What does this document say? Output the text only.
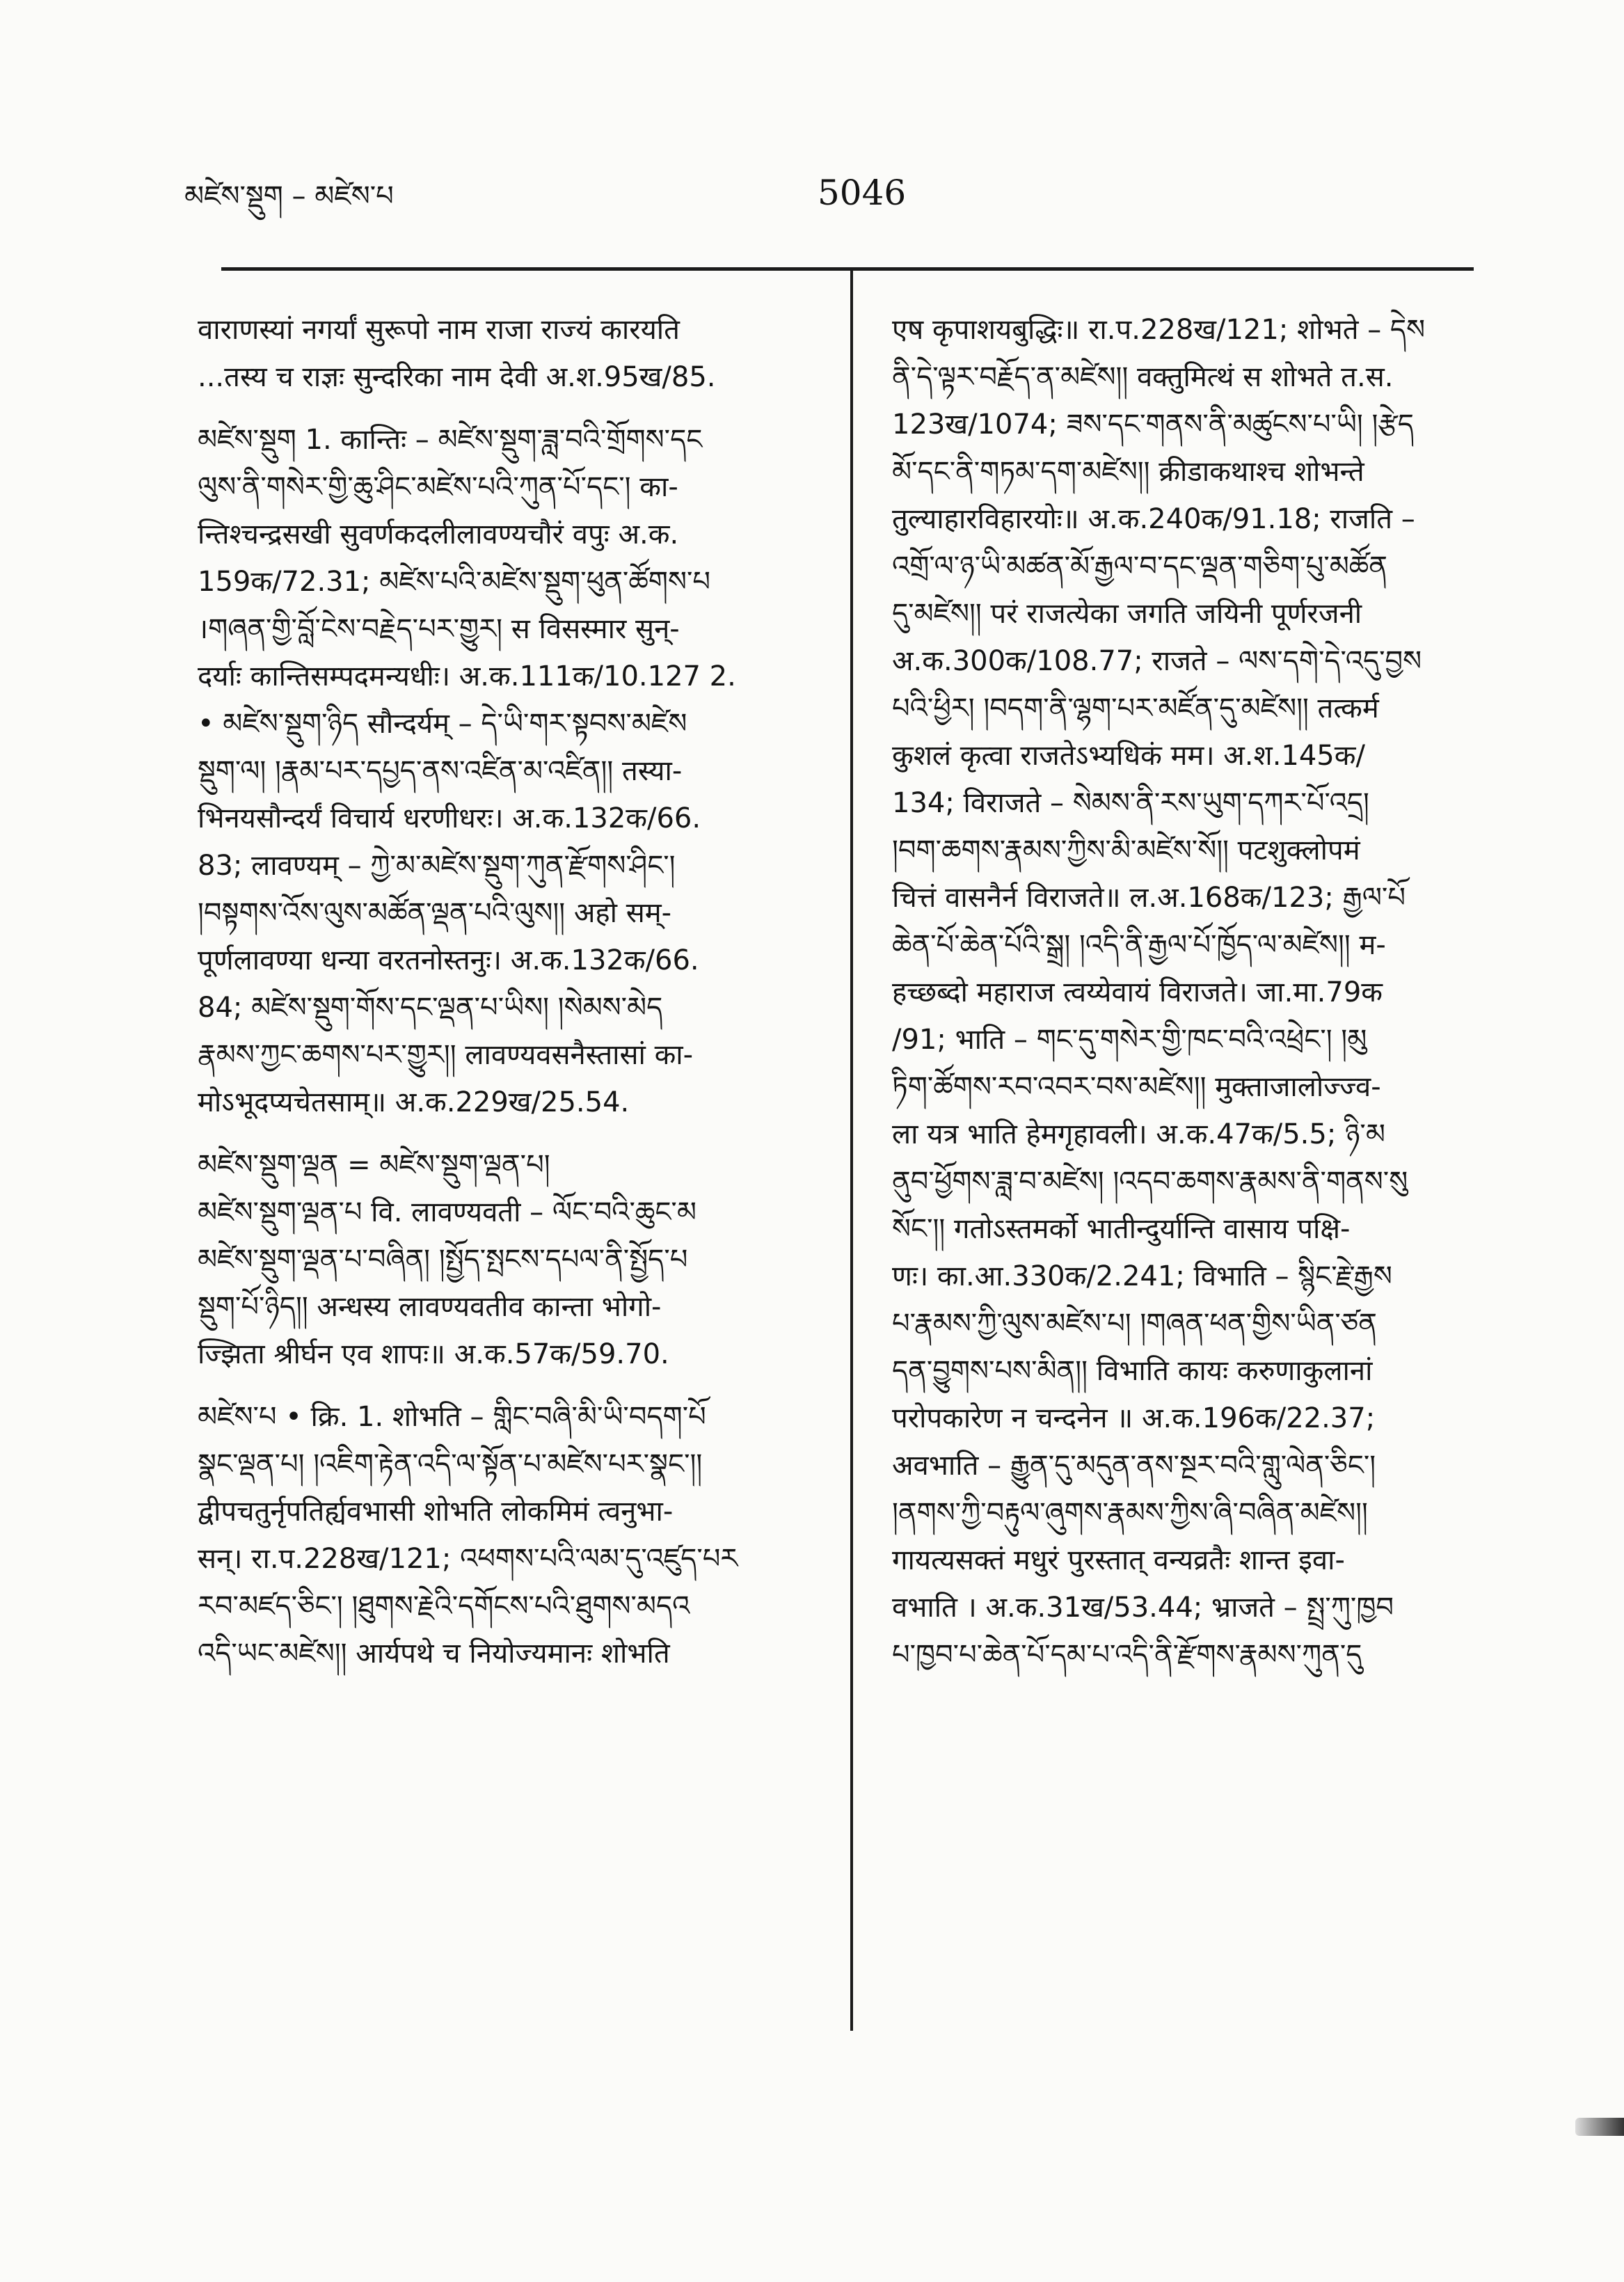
མཛེས་སྡུག – མཛེས་པ	5046
वाराणस्यां नगर्यां सुरूपो नाम राजा राज्यं कारयति
...तस्य च राज्ञः सुन्दरिका नाम देवी अ.श.95ख/85.
མཛེས་སྡུག 1. कान्तिः – མཛེས་སྡུག་ཟླ་བའི་གྲོགས་དང
ལུས་ནི་གསེར་གྱི་ཆུ་ཤིང་མཛེས་པའི་ཀུན་པོ་དང་། का-
न्तिश्चन्द्रसखी सुवर्णकदलीलावण्यचौरं वपुः अ.क.
159क/72.31; མཛེས་པའི་མཛེས་སྡུག་ཕུན་ཚོགས་པ
।གཞན་གྱི་བློ་ངེས་བརྗེད་པར་གྱུར། स विसस्मार सुन्-
दर्याः कान्तिसम्पदमन्यधीः। अ.क.111क/10.127 2.
• མཛེས་སྡུག་ཉིད सौन्दर्यम् – དེ་ཡི་གར་སྟབས་མཛེས
སྡུག་ལ། །རྣམ་པར་དཔྱད་ནས་འཛིན་མ་འཛིན།། तस्या-
भिनयसौन्दर्यं विचार्य धरणीधरः। अ.क.132क/66.
83; लावण्यम् – ཀྱེ་མ་མཛེས་སྡུག་ཀུན་རྫོགས་ཤིང་།
།བསྟགས་འོས་ལུས་མཚོན་ལྡན་པའི་ལུས།། अहो सम्-
पूर्णलावण्या धन्या वरतनोस्तनुः। अ.क.132क/66.
84; མཛེས་སྡུག་གོས་དང་ལྡན་པ་ཡིས། །སེམས་མེད
རྣམས་ཀྱང་ཆགས་པར་གྱུར།། लावण्यवसनैस्तासां का-
मोऽभूदप्यचेतसाम्॥ अ.क.229ख/25.54.
མཛེས་སྡུག་ལྡན = མཛེས་སྡུག་ལྡན་པ།
མཛེས་སྡུག་ལྡན་པ वि. लावण्यवती – ལོང་བའི་ཆུང་མ
མཛེས་སྡུག་ལྡན་པ་བཞིན། །སྤྱོད་སྤངས་དཔལ་ནི་སྤྱོད་པ
སྡུག་པོ་ཉིད།། अन्धस्य लावण्यवतीव कान्ता भोगो-
ज्झिता श्रीर्घन एव शापः॥ अ.क.57क/59.70.
མཛེས་པ • क्रि. 1. शोभति – གླིང་བཞི་མི་ཡི་བདག་པོ
སྣང་ལྡན་པ། །འཇིག་རྟེན་འདི་ལ་སྟོན་པ་མཛེས་པར་སྣང་།།
द्वीपचतुर्नृपतिर्ह्यवभासी शोभति लोकमिमं त्वनुभा-
सन्। रा.प.228ख/121; འཕགས་པའི་ལམ་དུ་འཛུད་པར
རབ་མཛད་ཅིང་། །ཐུགས་རྗེའི་དགོངས་པའི་ཐུགས་མདའ
འདི་ཡང་མཛེས།། आर्यपथे च नियोज्यमानः शोभति
एष कृपाशयबुद्धिः॥ रा.प.228ख/121; शोभते – དེས
ནི་དེ་ལྟར་བརྗོད་ན་མཛེས།། वक्तुमित्थं स शोभते त.स.
123ख/1074; ཟས་དང་གནས་ནི་མཚུངས་པ་ཡི། །རྩེད
མོ་དང་ནི་གཏམ་དག་མཛེས།། क्रीडाकथाश्च शोभन्ते
तुल्याहारविहारयोः॥ अ.क.240क/91.18; राजति –
འགྲོ་ལ་ཉ་ཡི་མཚན་མོ་རྒྱལ་བ་དང་ལྡན་གཅིག་པུ་མཚོན
དུ་མཛེས།། परं राजत्येका जगति जयिनी पूर्णरजनी
अ.क.300क/108.77; राजते – ལས་དགེ་དེ་འདུ་བྱས
པའི་ཕྱིར། །བདག་ནི་ལྷག་པར་མཛོན་དུ་མཛེས།། तत्कर्म
कुशलं कृत्वा राजतेऽभ्यधिकं मम। अ.श.145क/
134; विराजते – སེམས་ནི་རས་ཡུག་དཀར་པོ་འདྲ།
།བག་ཆགས་རྣམས་ཀྱིས་མི་མཛེས་སོ།། पटशुक्लोपमं
चित्तं वासनैर्न विराजते॥ ल.अ.168क/123; རྒྱལ་པོ
ཆེན་པོ་ཆེན་པོའི་སྒྲ། །འདི་ནི་རྒྱལ་པོ་ཁྱོད་ལ་མཛེས།། म-
हच्छब्दो महाराज त्वय्येवायं विराजते। जा.मा.79क
/91; भाति – གང་དུ་གསེར་གྱི་ཁང་བའི་འཕྲེང་། །མུ
ཏིག་ཚོགས་རབ་འབར་བས་མཛེས།། मुक्ताजालोज्ज्व-
ला यत्र भाति हेमगृहावली। अ.क.47क/5.5; ཉི་མ
ནུབ་ཕྱོགས་ཟླ་བ་མཛེས། །འདབ་ཆགས་རྣམས་ནི་གནས་སུ
སོང་།། गतोऽस्तमर्को भातीन्दुर्यान्ति वासाय पक्षि-
णः। का.आ.330क/2.241; विभाति – སྙིང་རྗེ་རྒྱས
པ་རྣམས་ཀྱི་ལུས་མཛེས་པ། །གཞན་ཕན་གྱིས་ཡིན་ཙན
དན་བྱུགས་པས་མིན།། विभाति कायः करुणाकुलानां
परोपकारेण न चन्दनेन ॥ अ.क.196क/22.37;
अवभाति – རྒྱུན་དུ་མདུན་ནས་སྔར་བའི་གླུ་ལེན་ཅིང་།
།ནགས་ཀྱི་བརྟུལ་ཞུགས་རྣམས་ཀྱིས་ཞི་བཞིན་མཛེས།།
गायत्यसक्तं मधुरं पुरस्तात् वन्यव्रतैः शान्त इवा-
वभाति । अ.क.31ख/53.44; भ्राजते – སྤྲ་ཀུ་ཁྱབ
པ་ཁྱབ་པ་ཆེན་པོ་དམ་པ་འདི་ནི་རྫོགས་རྣམས་ཀུན་དུ
